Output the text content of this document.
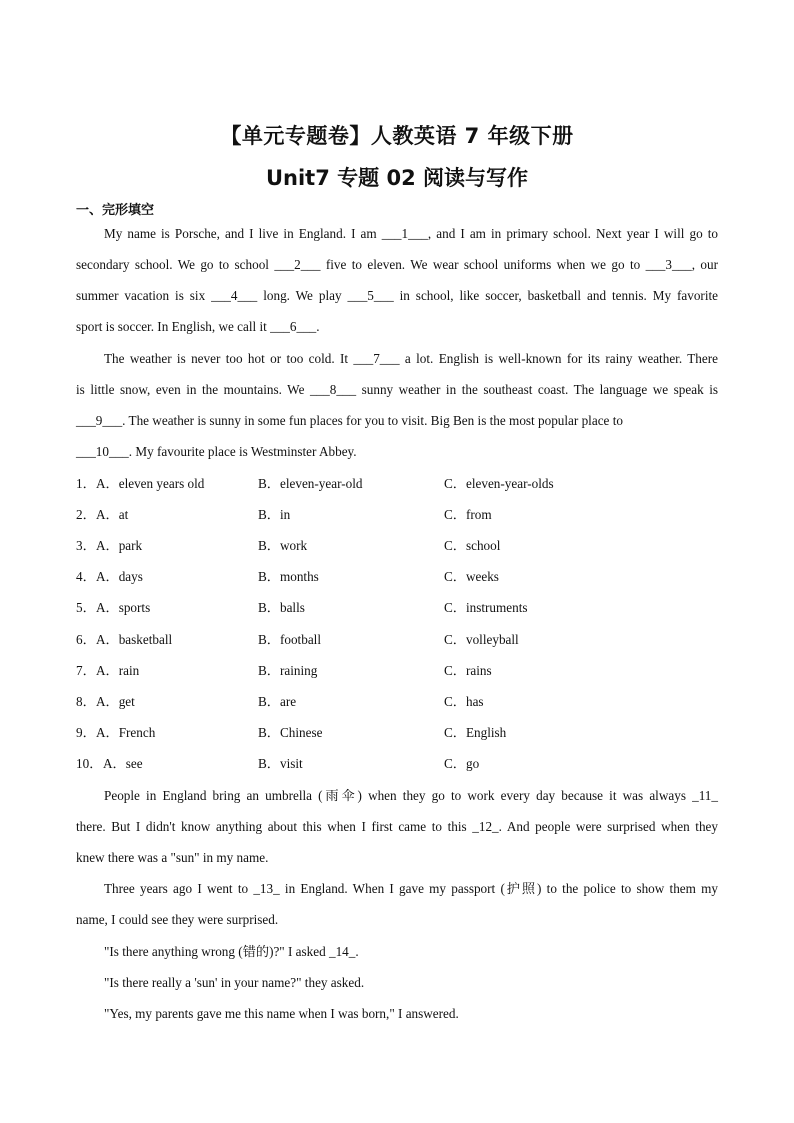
【单元专题卷】人教英语 7 年级下册
Unit7 专题 02 阅读与写作
一、完形填空
My name is Porsche, and I live in England. I am ___1___, and I am in primary school. Next year I will go to
secondary school. We go to school ___2___ five to eleven. We wear school uniforms when we go to ___3___, our
summer vacation is six ___4___ long. We play ___5___ in school, like soccer, basketball and tennis. My favorite
sport is soccer. In English, we call it ___6___.
The weather is never too hot or too cold. It ___7___ a lot. English is well-known for its rainy weather. There
is little snow, even in the mountains. We ___8___ sunny weather in the southeast coast. The language we speak is
___9___. The weather is sunny in some fun places for you to visit. Big Ben is the most popular place to
___10___. My favourite place is Westminster Abbey.
1． A．eleven years old	B．eleven-year-old	C．eleven-year-olds
2． A．at	B．in	C．from
3． A．park	B．work	C．school
4． A．days	B．months	C．weeks
5． A．sports	B．balls	C．instruments
6． A．basketball	B．football	C．volleyball
7． A．rain	B．raining	C．rains
8． A．get	B．are	C．has
9． A．French	B．Chinese	C．English
10． A．see	B．visit	C．go
People in England bring an umbrella (雨伞) when they go to work every day because it was always _11_
there. But I didn't know anything about this when I first came to this _12_. And people were surprised when they
knew there was a "sun" in my name.
Three years ago I went to _13_ in England. When I gave my passport (护照) to the police to show them my
name, I could see they were surprised.
"Is there anything wrong (错的)?" I asked _14_.
"Is there really a 'sun' in your name?" they asked.
"Yes, my parents gave me this name when I was born," I answered.
